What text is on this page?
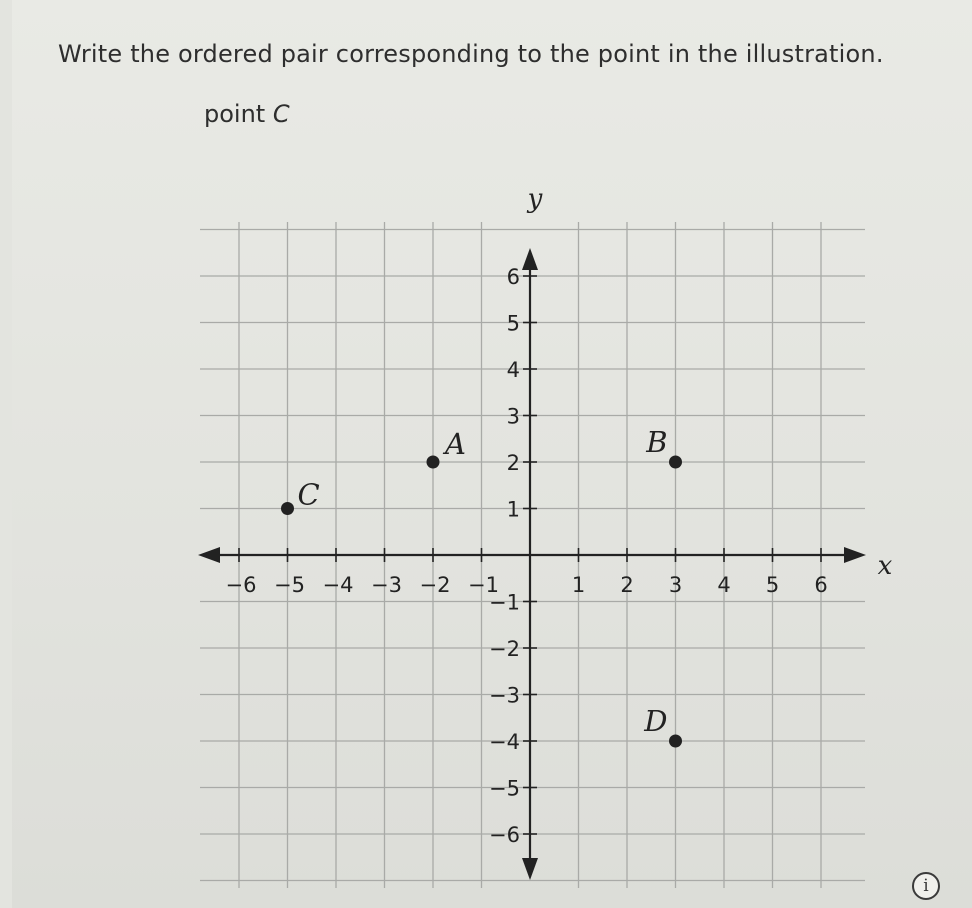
Write the ordered pair corresponding to the point in the illustration.
point C
x
y
−6 −5 −4 −3 −2 −1	1 2 3 4 5 6
6
5
4
3
2
1
−1
−2
−3
−4
−5
−6
A	B
C
D
i
